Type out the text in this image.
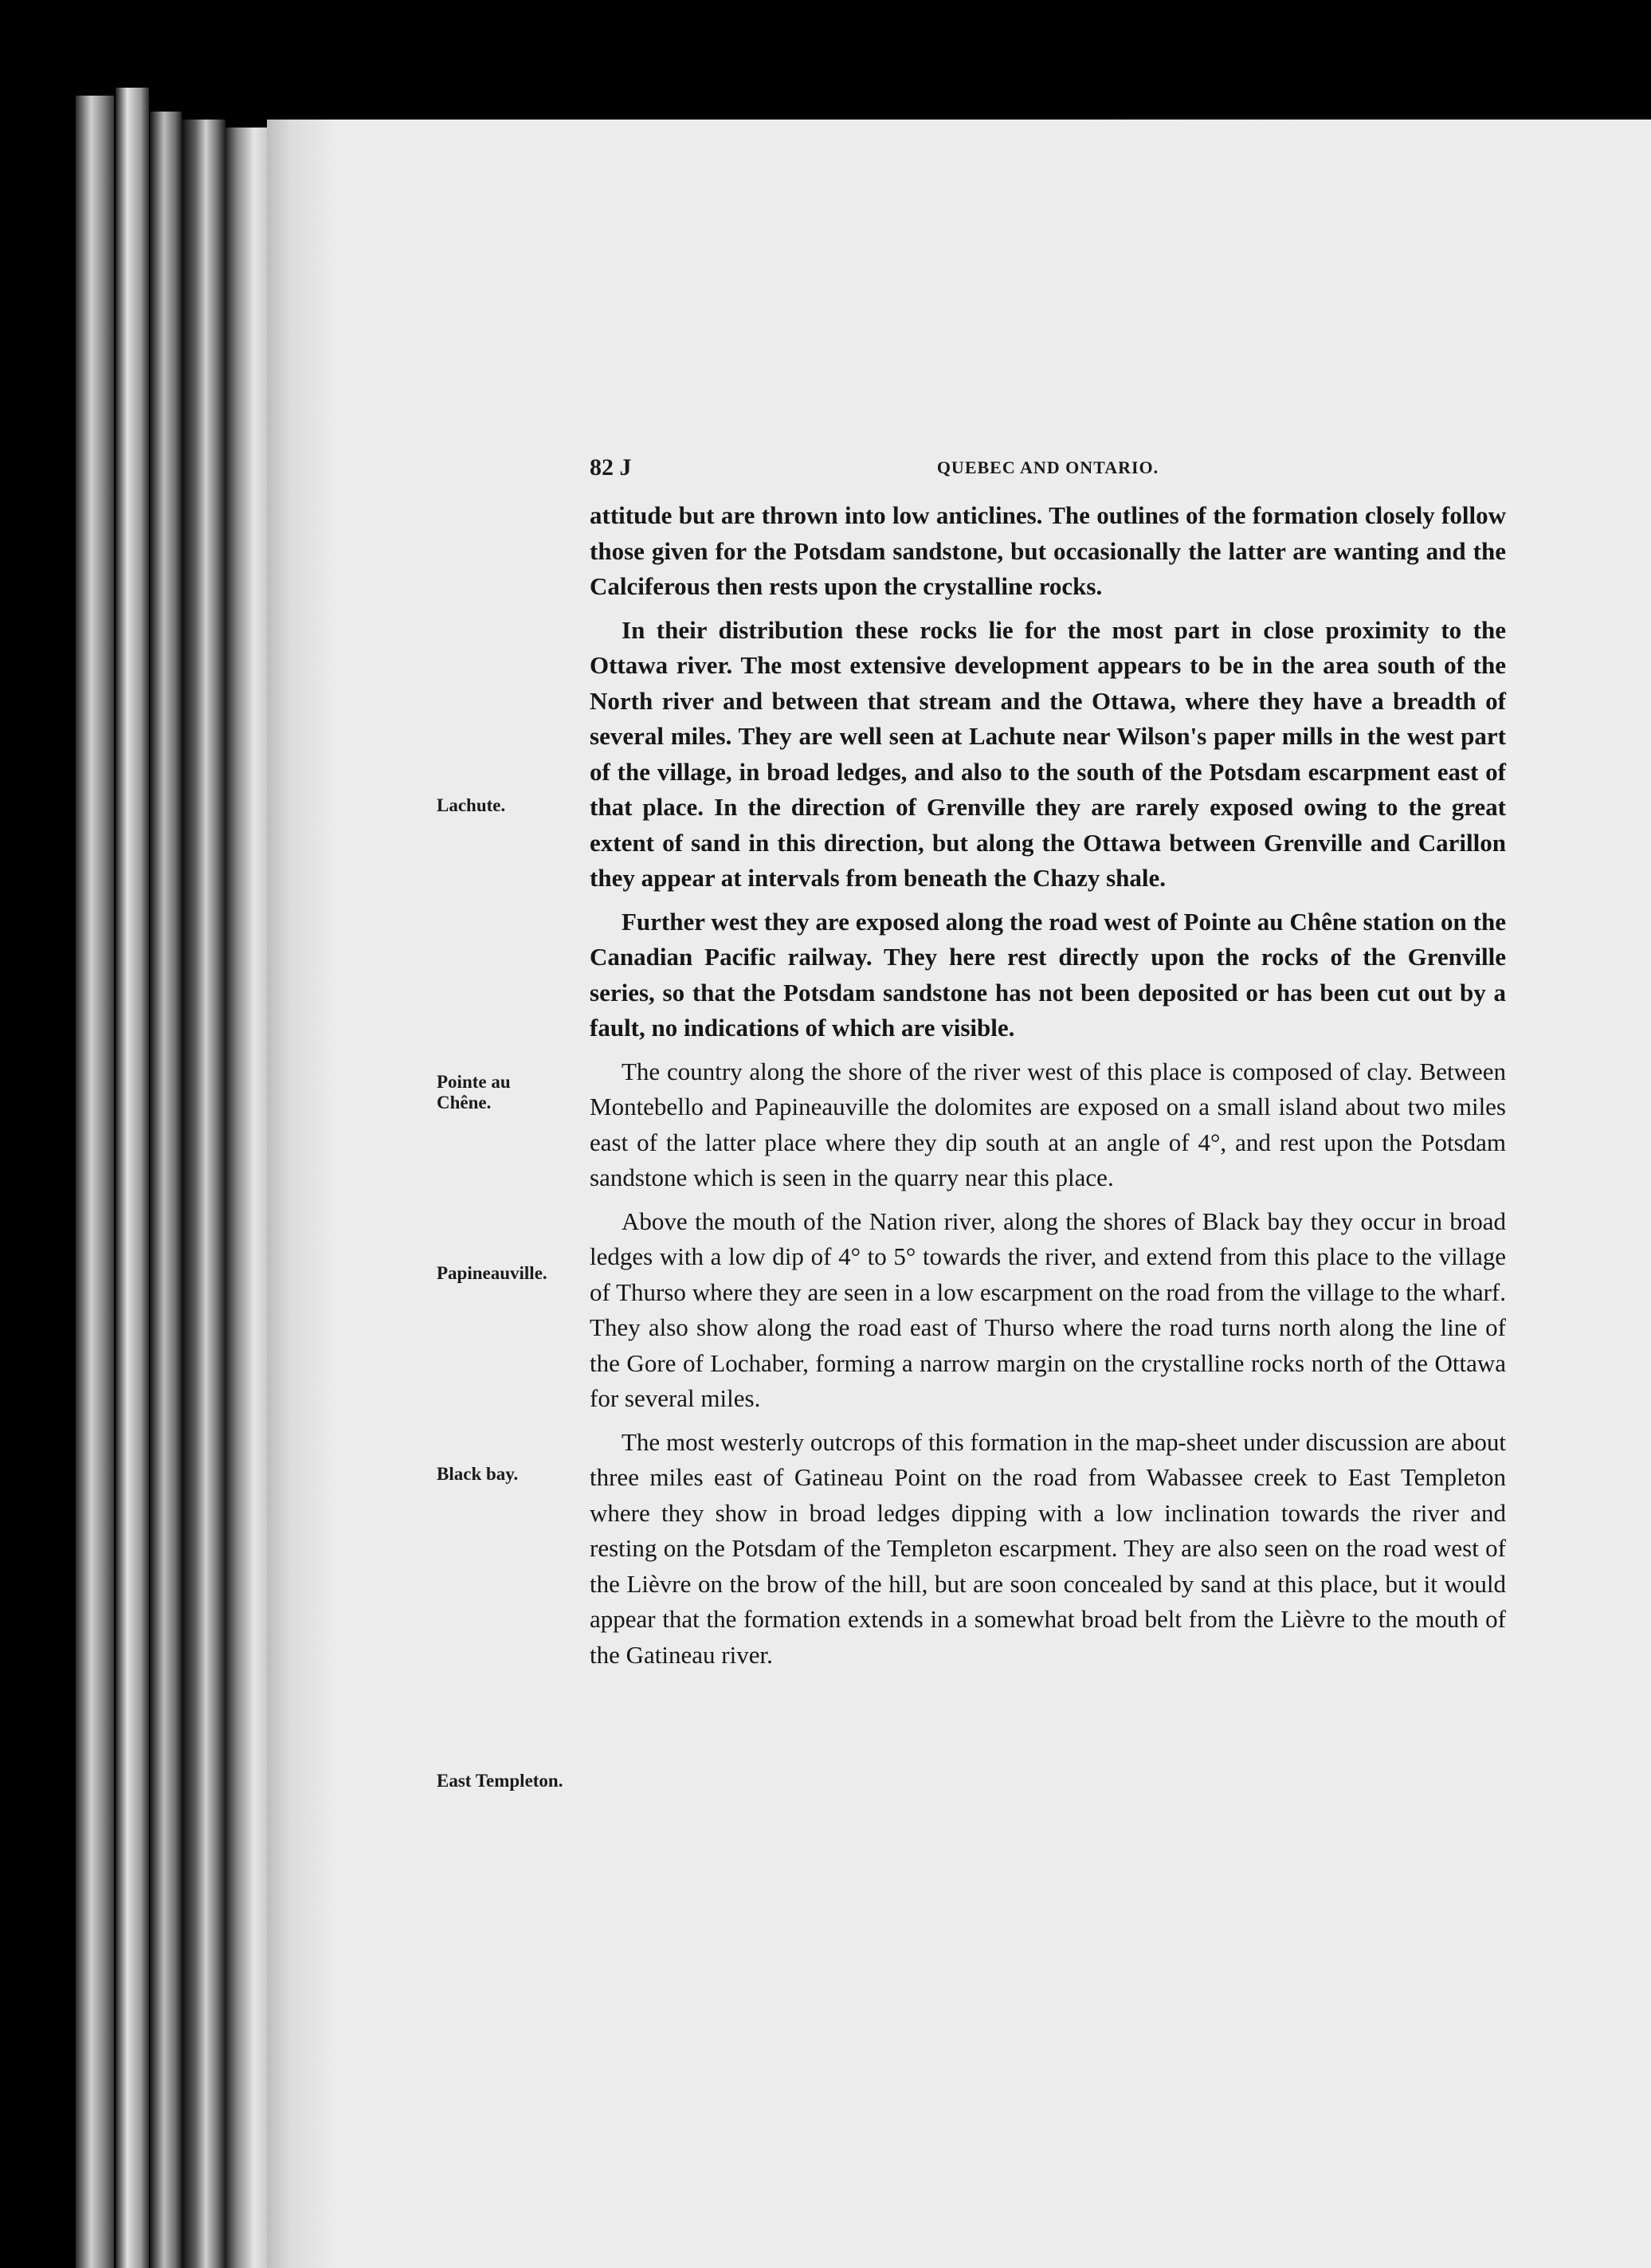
82 J	QUEBEC AND ONTARIO.
Lachute.
Pointe au Chêne.
Papineauville.
Black bay.
East Templeton.

attitude but are thrown into low anticlines. The outlines of the formation closely follow those given for the Potsdam sandstone, but occasionally the latter are wanting and the Calciferous then rests upon the crystalline rocks.

In their distribution these rocks lie for the most part in close proximity to the Ottawa river. The most extensive development appears to be in the area south of the North river and between that stream and the Ottawa, where they have a breadth of several miles. They are well seen at Lachute near Wilson's paper mills in the west part of the village, in broad ledges, and also to the south of the Potsdam escarpment east of that place. In the direction of Grenville they are rarely exposed owing to the great extent of sand in this direction, but along the Ottawa between Grenville and Carillon they appear at intervals from beneath the Chazy shale.

Further west they are exposed along the road west of Pointe au Chêne station on the Canadian Pacific railway. They here rest directly upon the rocks of the Grenville series, so that the Potsdam sandstone has not been deposited or has been cut out by a fault, no indications of which are visible.

The country along the shore of the river west of this place is composed of clay. Between Montebello and Papineauville the dolomites are exposed on a small island about two miles east of the latter place where they dip south at an angle of 4°, and rest upon the Potsdam sandstone which is seen in the quarry near this place.

Above the mouth of the Nation river, along the shores of Black bay they occur in broad ledges with a low dip of 4° to 5° towards the river, and extend from this place to the village of Thurso where they are seen in a low escarpment on the road from the village to the wharf. They also show along the road east of Thurso where the road turns north along the line of the Gore of Lochaber, forming a narrow margin on the crystalline rocks north of the Ottawa for several miles.

The most westerly outcrops of this formation in the map-sheet under discussion are about three miles east of Gatineau Point on the road from Wabassee creek to East Templeton where they show in broad ledges dipping with a low inclination towards the river and resting on the Potsdam of the Templeton escarpment. They are also seen on the road west of the Lièvre on the brow of the hill, but are soon concealed by sand at this place, but it would appear that the formation extends in a somewhat broad belt from the Lièvre to the mouth of the Gatineau river.
